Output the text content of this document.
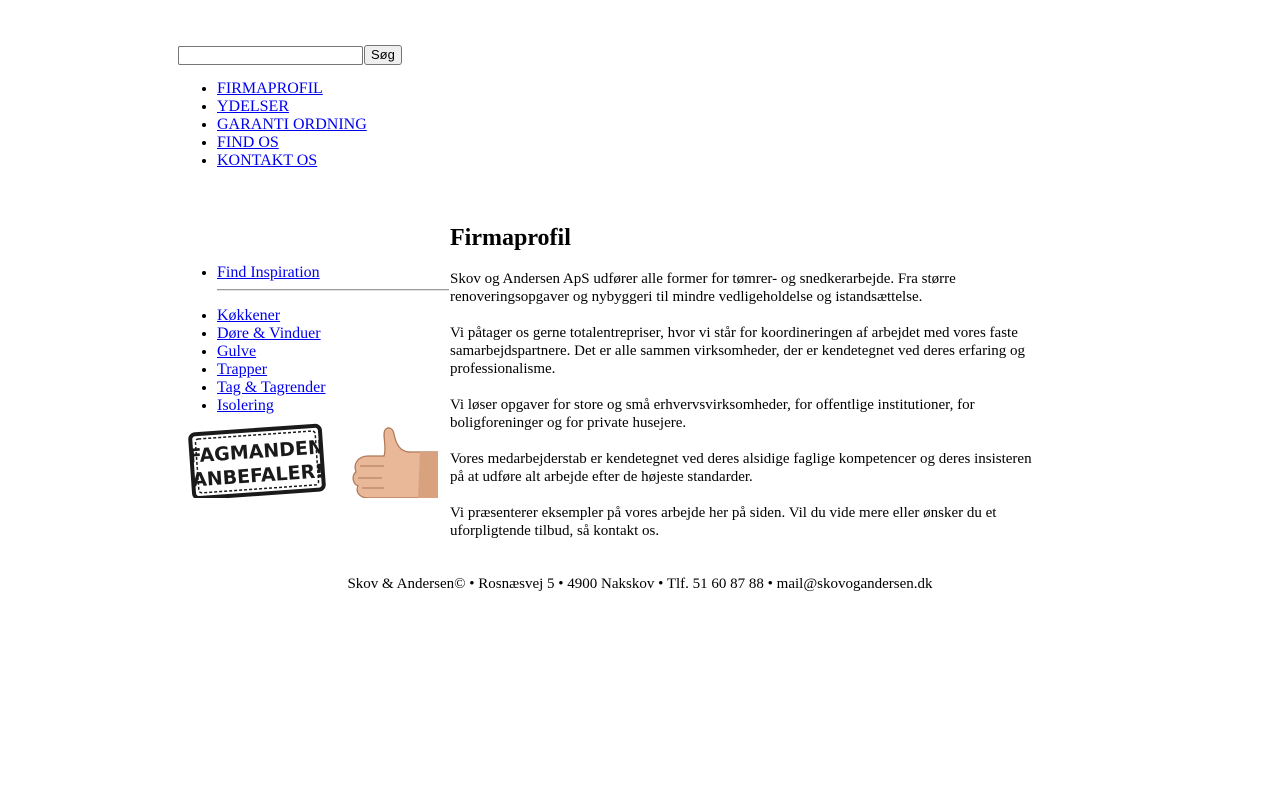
Søg
• FIRMAPROFIL
• YDELSER
• GARANTI ORDNING
• FIND OS
• KONTAKT OS
• Find Inspiration
• Køkkener
• Døre & Vinduer
• Gulve
• Trapper
• Tag & Tagrender
• Isolering
FAGMANDEN
ANBEFALER!
Firmaprofil

Skov og Andersen ApS udfører alle former for tømrer- og snedkerarbejde. Fra større renoveringsopgaver og nybyggeri til mindre vedligeholdelse og istandsættelse.

Vi påtager os gerne totalentrepriser, hvor vi står for koordineringen af arbejdet med vores faste samarbejdspartnere. Det er alle sammen virksomheder, der er kendetegnet ved deres erfaring og professionalisme.

Vi løser opgaver for store og små erhvervsvirksomheder, for offentlige institutioner, for boligforeninger og for private husejere.

Vores medarbejderstab er kendetegnet ved deres alsidige faglige kompetencer og deres insisteren på at udføre alt arbejde efter de højeste standarder.

Vi præsenterer eksempler på vores arbejde her på siden. Vil du vide mere eller ønsker du et uforpligtende tilbud, så kontakt os.

Skov & Andersen© • Rosnæsvej 5 • 4900 Nakskov • Tlf. 51 60 87 88 • mail@skovogandersen.dk
